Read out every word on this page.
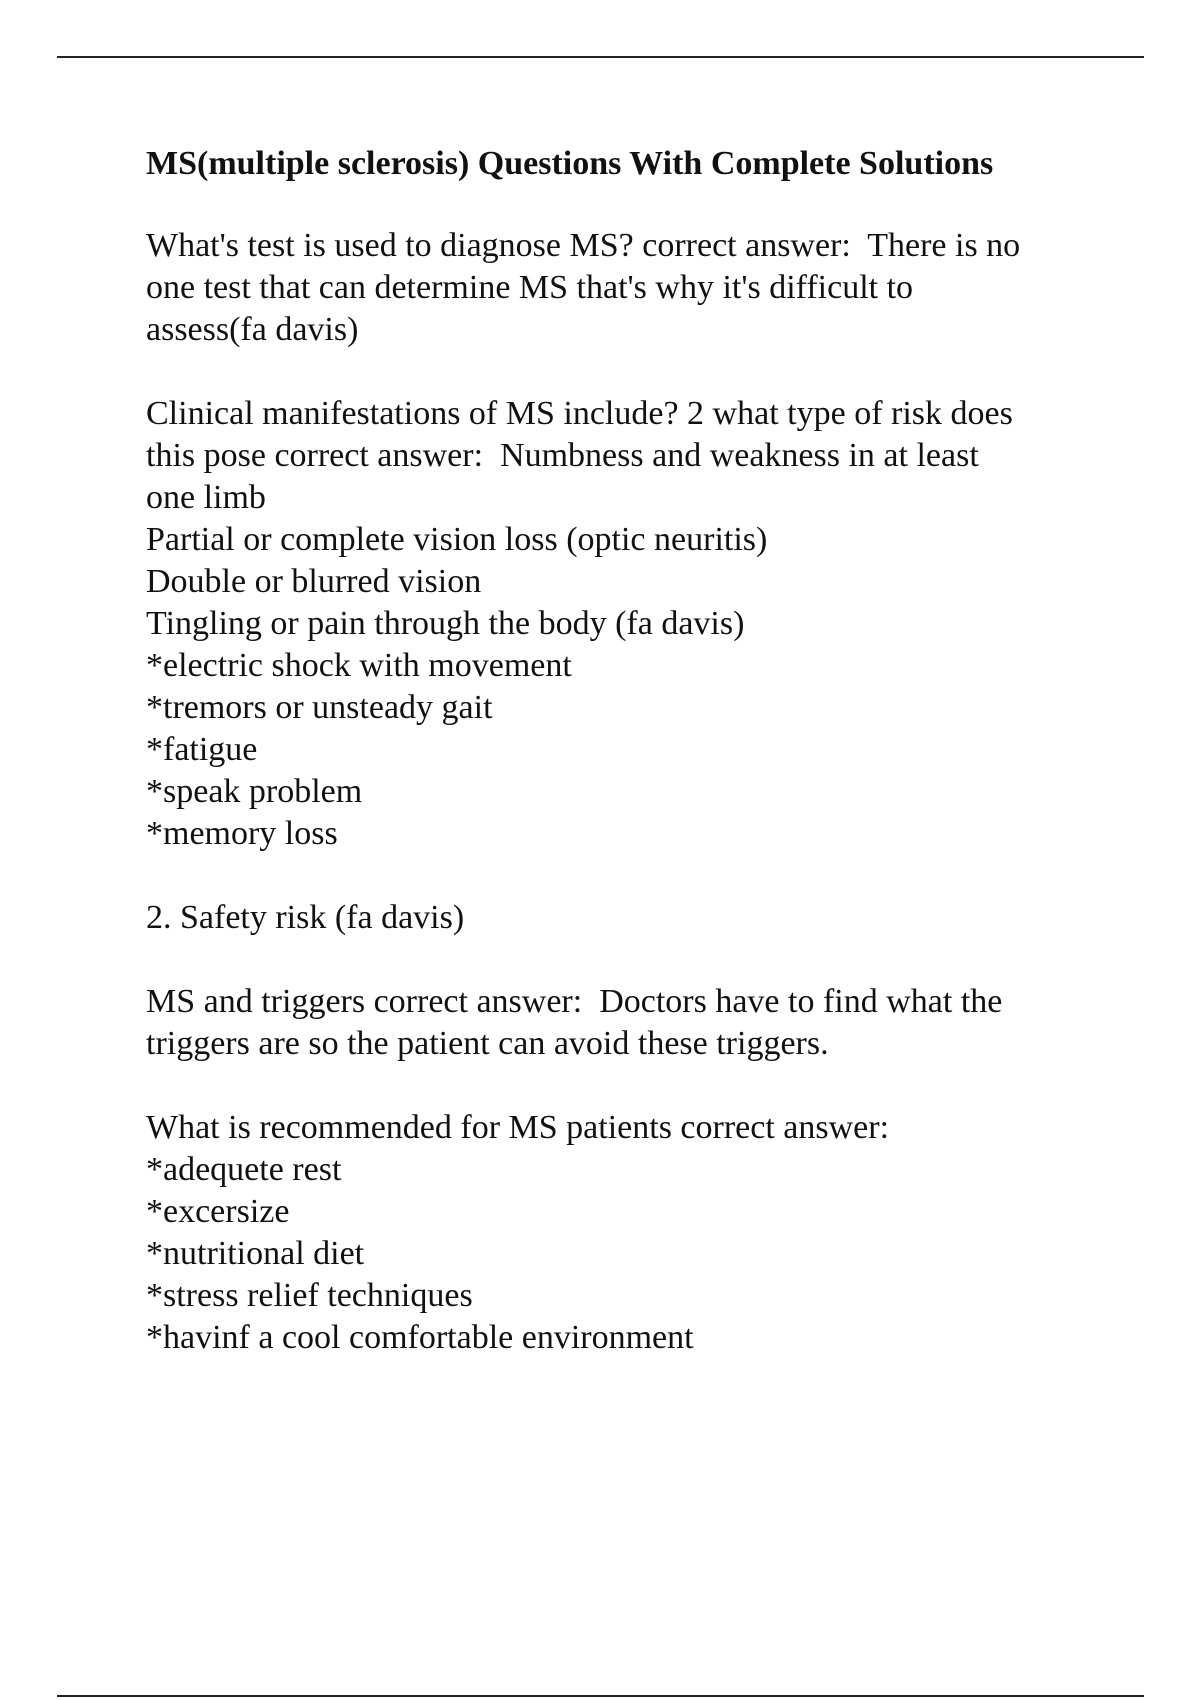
MS(multiple sclerosis) Questions With Complete Solutions
What's test is used to diagnose MS? correct answer:  There is no
one test that can determine MS that's why it's difficult to
assess(fa davis)
Clinical manifestations of MS include? 2 what type of risk does
this pose correct answer:  Numbness and weakness in at least
one limb
Partial or complete vision loss (optic neuritis)
Double or blurred vision
Tingling or pain through the body (fa davis)
*electric shock with movement
*tremors or unsteady gait
*fatigue
*speak problem
*memory loss
2. Safety risk (fa davis)
MS and triggers correct answer:  Doctors have to find what the
triggers are so the patient can avoid these triggers.
What is recommended for MS patients correct answer:
*adequete rest
*excersize
*nutritional diet
*stress relief techniques
*havinf a cool comfortable environment
